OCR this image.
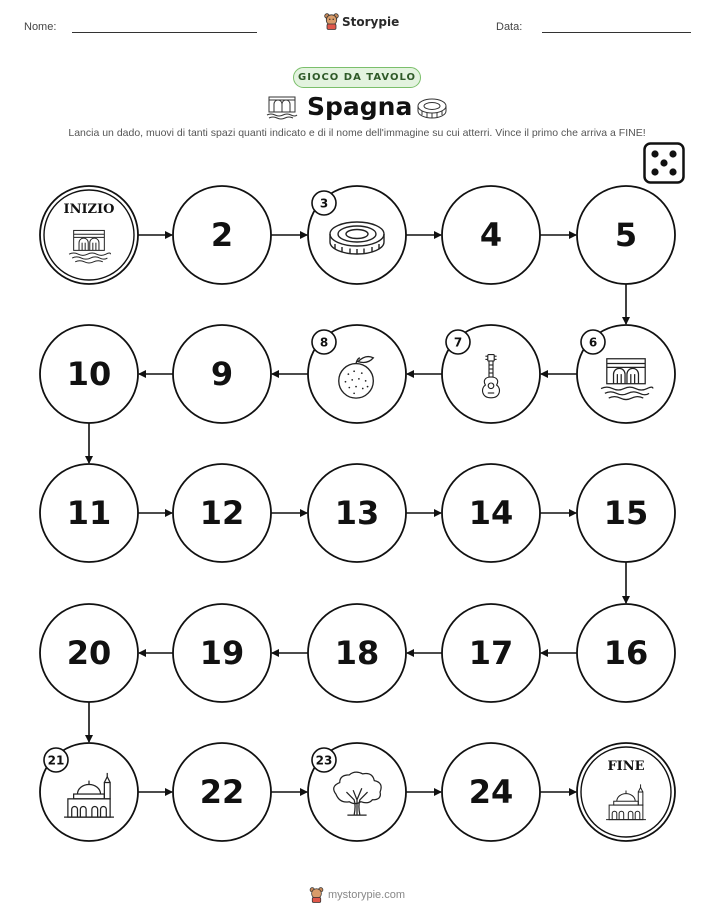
Nome:	Storypie	Data:
GIOCO DA TAVOLO
Spagna
Lancia un dado, muovi di tanti spazi quanti indicato e di il nome dell'immagine su cui atterri. Vince il primo che arriva a FINE!
INIZIO
2
3
4	5
6
7
8
9
10
11	12	13	14	15
16
17
18
19
20
21
22
23
24
FINE
mystorypie.com
